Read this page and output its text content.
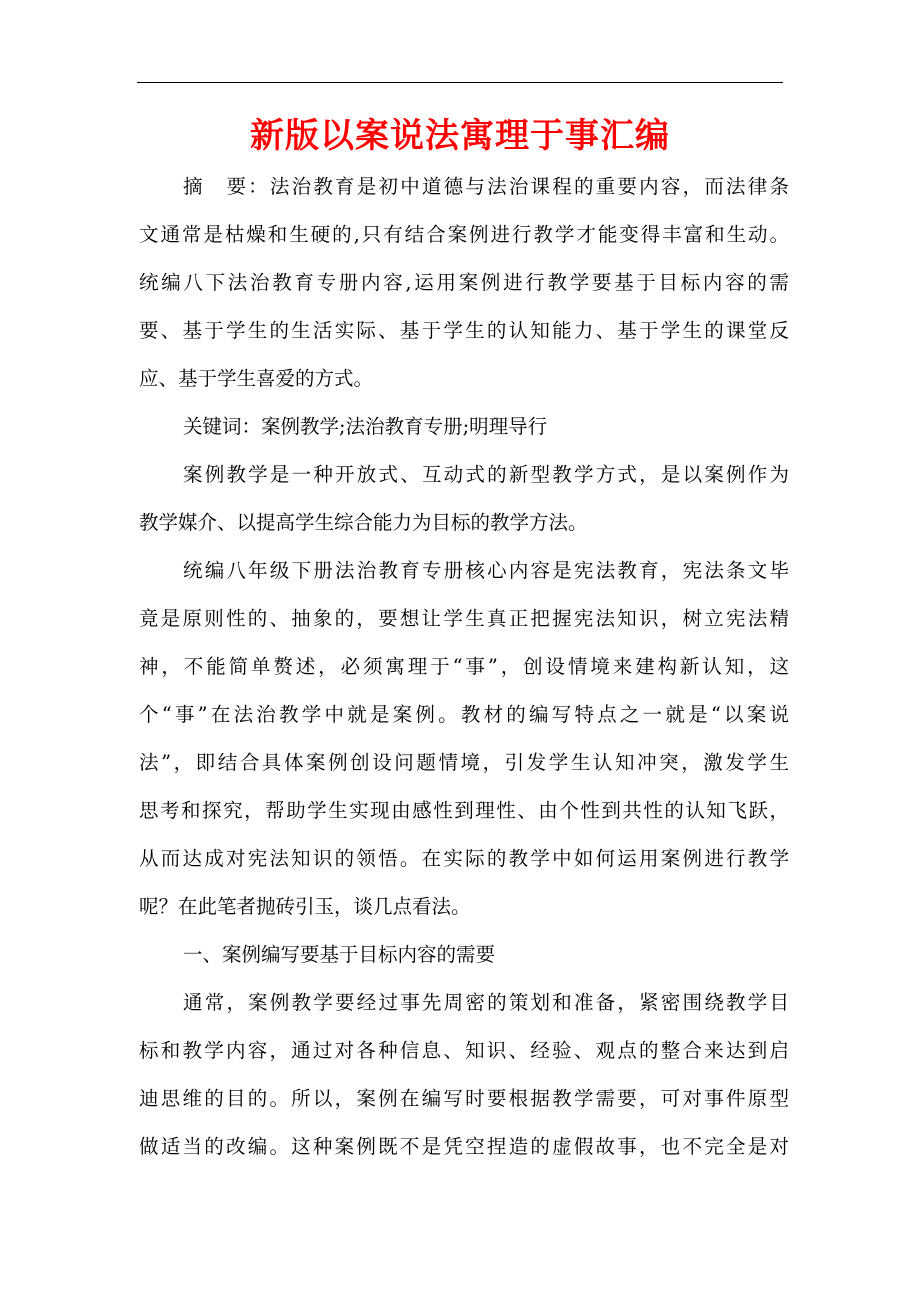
新版以案说法寓理于事汇编
摘　要：法治教育是初中道德与法治课程的重要内容，而法律条
文通常是枯燥和生硬的,只有结合案例进行教学才能变得丰富和生动。
统编八下法治教育专册内容,运用案例进行教学要基于目标内容的需
要、基于学生的生活实际、基于学生的认知能力、基于学生的课堂反
应、基于学生喜爱的方式。
关键词：案例教学;法治教育专册;明理导行
案例教学是一种开放式、互动式的新型教学方式，是以案例作为
教学媒介、以提高学生综合能力为目标的教学方法。
统编八年级下册法治教育专册核心内容是宪法教育，宪法条文毕
竟是原则性的、抽象的，要想让学生真正把握宪法知识，树立宪法精
神，不能简单赘述，必须寓理于“事”，创设情境来建构新认知，这
个“事”在法治教学中就是案例。教材的编写特点之一就是“以案说
法”，即结合具体案例创设问题情境，引发学生认知冲突，激发学生
思考和探究，帮助学生实现由感性到理性、由个性到共性的认知飞跃，
从而达成对宪法知识的领悟。在实际的教学中如何运用案例进行教学
呢？在此笔者抛砖引玉，谈几点看法。
一、案例编写要基于目标内容的需要
通常，案例教学要经过事先周密的策划和准备，紧密围绕教学目
标和教学内容，通过对各种信息、知识、经验、观点的整合来达到启
迪思维的目的。所以，案例在编写时要根据教学需要，可对事件原型
做适当的改编。这种案例既不是凭空捏造的虚假故事，也不完全是对
